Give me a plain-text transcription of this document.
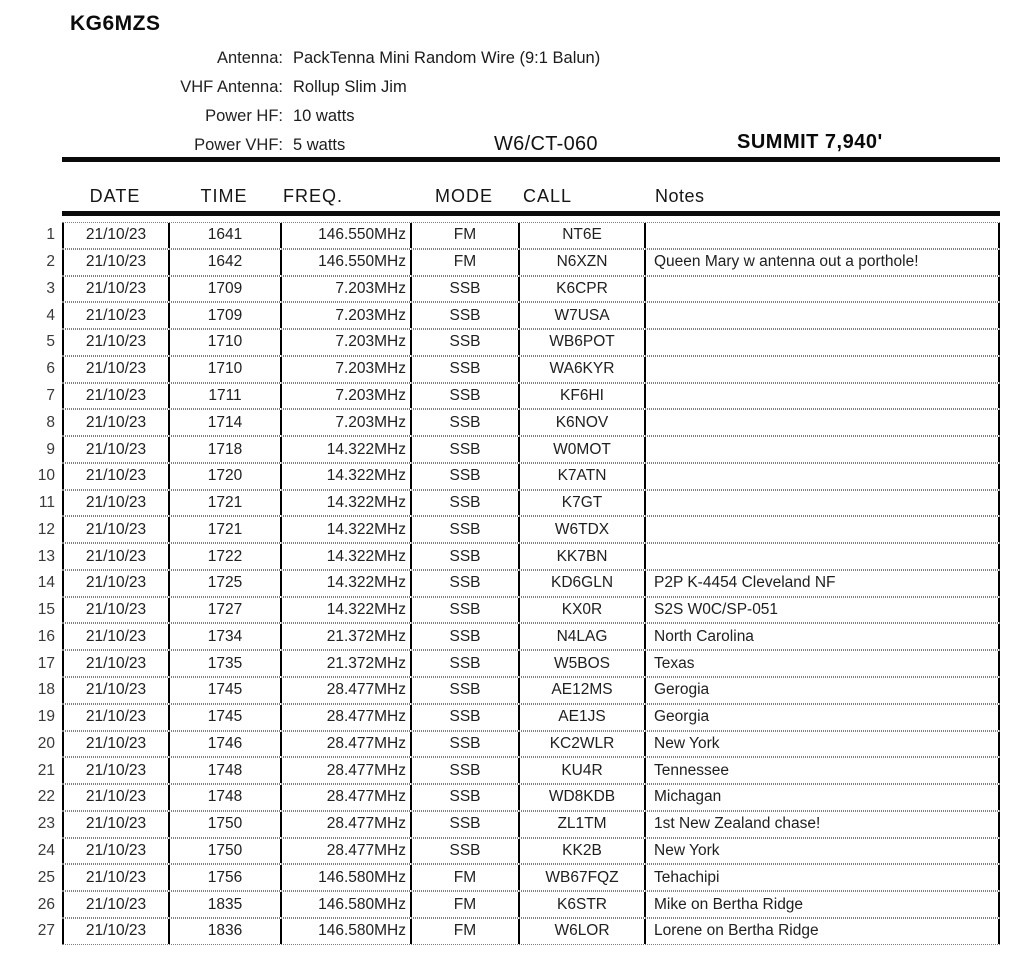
KG6MZS
Antenna: PackTenna Mini Random Wire (9:1 Balun)
VHF Antenna: Rollup Slim Jim
Power HF: 10 watts
Power VHF: 5 watts	W6/CT-060	SUMMIT 7,940'
DATE	TIME	FREQ.	MODE	CALL	Notes
1	21/10/23	1641	146.550MHz	FM	NT6E
2	21/10/23	1642	146.550MHz	FM	N6XZN	Queen Mary w antenna out a porthole!
3	21/10/23	1709	7.203MHz	SSB	K6CPR
4	21/10/23	1709	7.203MHz	SSB	W7USA
5	21/10/23	1710	7.203MHz	SSB	WB6POT
6	21/10/23	1710	7.203MHz	SSB	WA6KYR
7	21/10/23	1711	7.203MHz	SSB	KF6HI
8	21/10/23	1714	7.203MHz	SSB	K6NOV
9	21/10/23	1718	14.322MHz	SSB	W0MOT
10	21/10/23	1720	14.322MHz	SSB	K7ATN
11	21/10/23	1721	14.322MHz	SSB	K7GT
12	21/10/23	1721	14.322MHz	SSB	W6TDX
13	21/10/23	1722	14.322MHz	SSB	KK7BN
14	21/10/23	1725	14.322MHz	SSB	KD6GLN	P2P K-4454 Cleveland NF
15	21/10/23	1727	14.322MHz	SSB	KX0R	S2S W0C/SP-051
16	21/10/23	1734	21.372MHz	SSB	N4LAG	North Carolina
17	21/10/23	1735	21.372MHz	SSB	W5BOS	Texas
18	21/10/23	1745	28.477MHz	SSB	AE12MS	Gerogia
19	21/10/23	1745	28.477MHz	SSB	AE1JS	Georgia
20	21/10/23	1746	28.477MHz	SSB	KC2WLR	New York
21	21/10/23	1748	28.477MHz	SSB	KU4R	Tennessee
22	21/10/23	1748	28.477MHz	SSB	WD8KDB	Michagan
23	21/10/23	1750	28.477MHz	SSB	ZL1TM	1st New Zealand chase!
24	21/10/23	1750	28.477MHz	SSB	KK2B	New York
25	21/10/23	1756	146.580MHz	FM	WB67FQZ	Tehachipi
26	21/10/23	1835	146.580MHz	FM	K6STR	Mike on Bertha Ridge
27	21/10/23	1836	146.580MHz	FM	W6LOR	Lorene on Bertha Ridge
